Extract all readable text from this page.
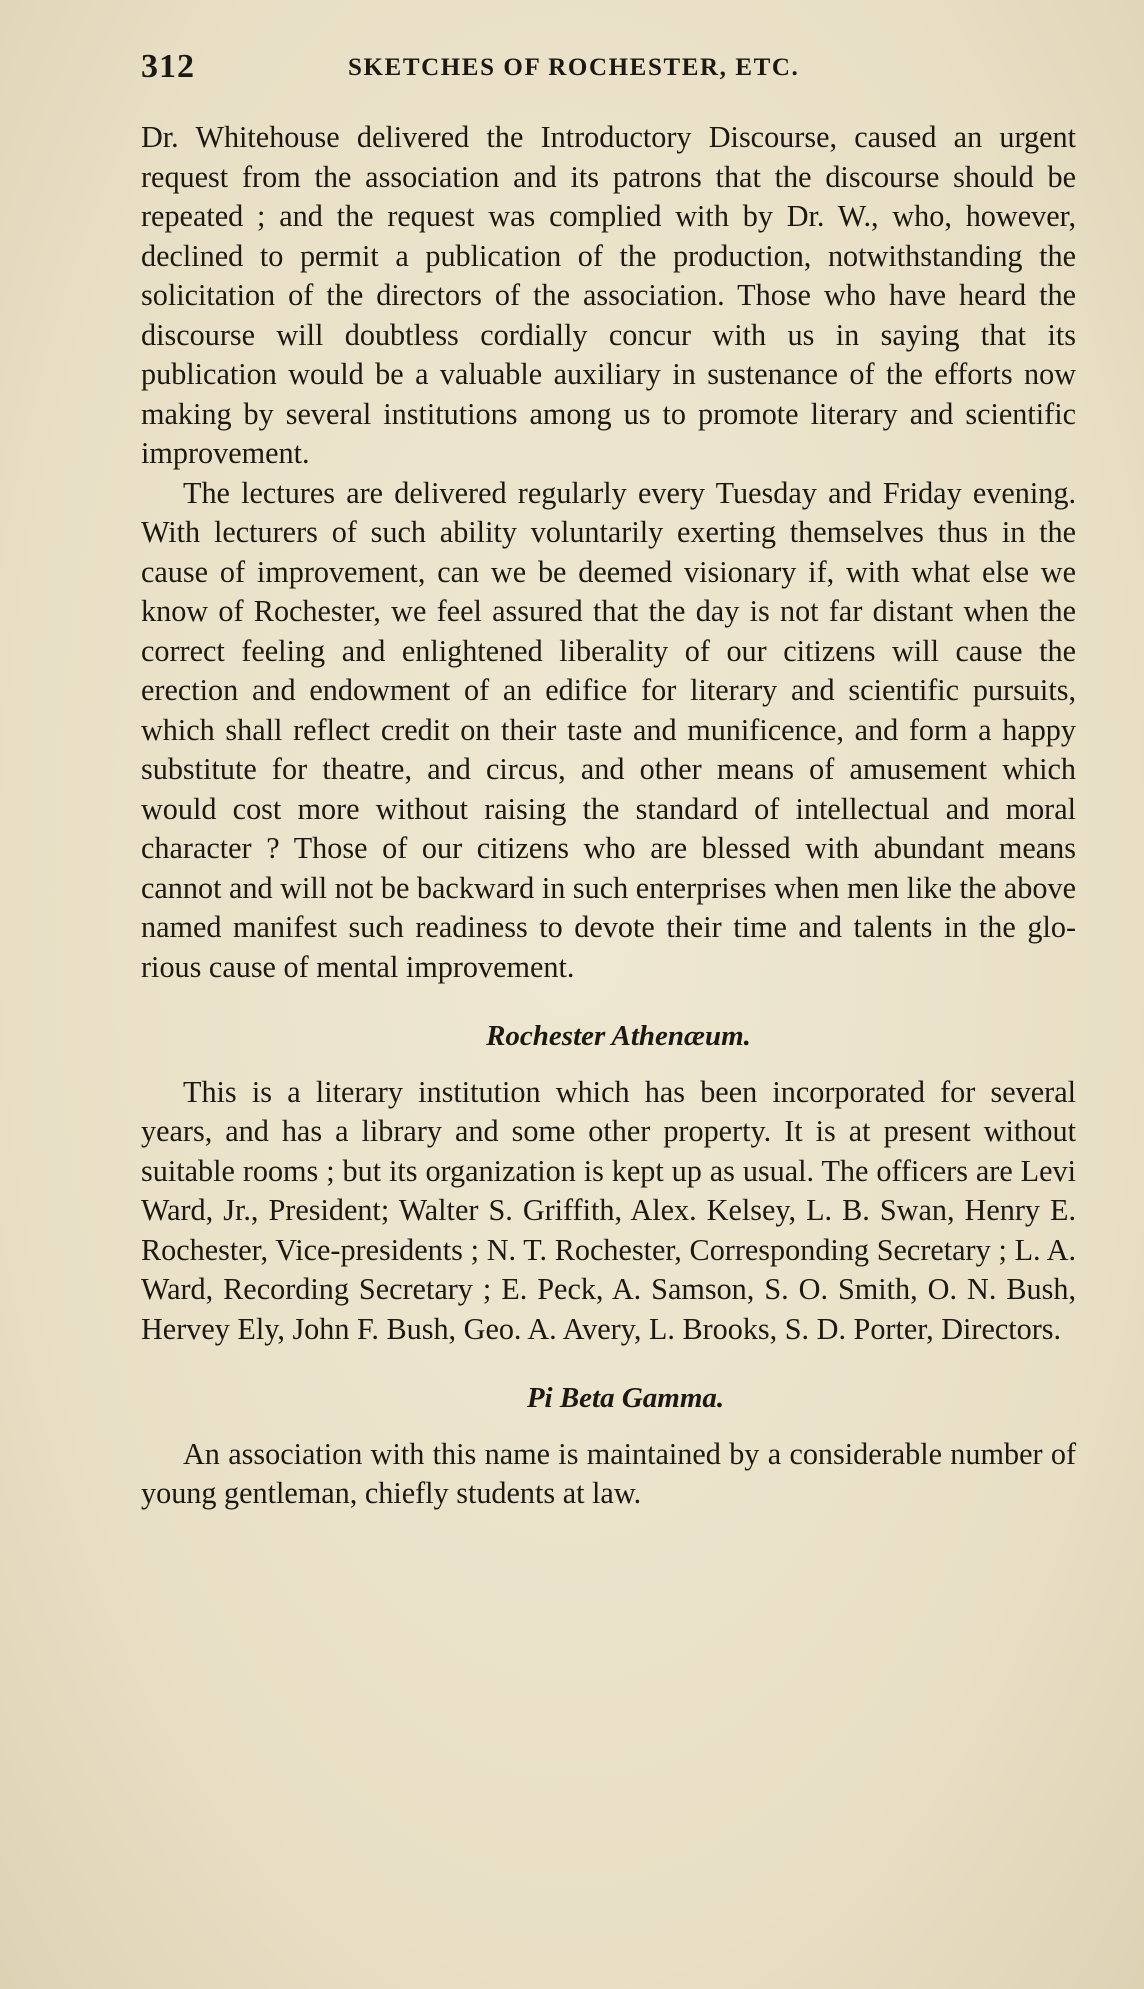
312	SKETCHES OF ROCHESTER, ETC.

Dr. Whitehouse delivered the Introductory Discourse, caused an urgent request from the association and its patrons that the discourse should be repeated ; and the request was complied with by Dr. W., who, however, declined to permit a publication of the production, notwithstanding the solicitation of the directors of the association. Those who have heard the discourse will doubtless cordially concur with us in saying that its publication would be a valuable auxiliary in sustenance of the efforts now making by several institutions among us to promote literary and scientific improvement.

The lectures are delivered regularly every Tuesday and Friday evening. With lecturers of such ability voluntarily exerting themselves thus in the cause of improvement, can we be deemed visionary if, with what else we know of Rochester, we feel assured that the day is not far distant when the correct feeling and enlightened liberality of our citizens will cause the erection and endowment of an edifice for literary and scientific pursuits, which shall reflect credit on their taste and munificence, and form a happy substitute for theatre, and circus, and other means of amusement which would cost more without raising the standard of intellectual and moral character ? Those of our citizens who are blessed with abundant means cannot and will not be backward in such enterprises when men like the above named manifest such readiness to devote their time and talents in the glorious cause of mental improvement.

Rochester Athenæum.

This is a literary institution which has been incorporated for several years, and has a library and some other property. It is at present without suitable rooms ; but its organization is kept up as usual. The officers are Levi Ward, Jr., President; Walter S. Griffith, Alex. Kelsey, L. B. Swan, Henry E. Rochester, Vice-presidents ; N. T. Rochester, Corresponding Secretary ; L. A. Ward, Recording Secretary ; E. Peck, A. Samson, S. O. Smith, O. N. Bush, Hervey Ely, John F. Bush, Geo. A. Avery, L. Brooks, S. D. Porter, Directors.

Pi Beta Gamma.

An association with this name is maintained by a considerable number of young gentleman, chiefly students at law.
